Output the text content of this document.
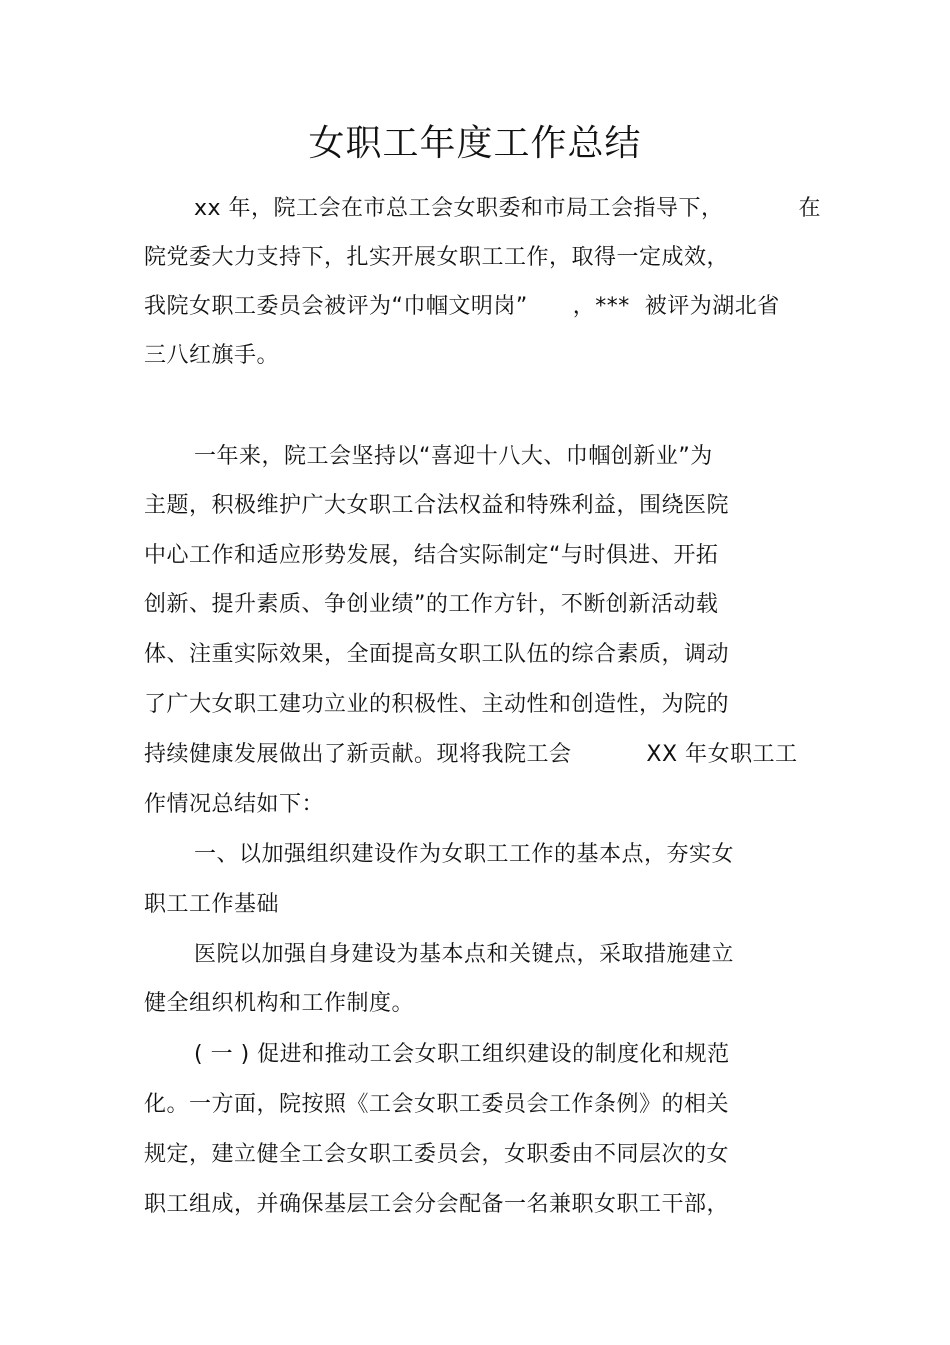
女职工年度工作总结
xx 年，院工会在市总工会女职委和市局工会指导下，          在
院党委大力支持下，扎实开展女职工工作，取得一定成效，
我院女职工委员会被评为“巾帼文明岗”      ，***  被评为湖北省
三八红旗手。
一年来，院工会坚持以“喜迎十八大、巾帼创新业”为
主题，积极维护广大女职工合法权益和特殊利益，围绕医院
中心工作和适应形势发展，结合实际制定“与时俱进、开拓
创新、提升素质、争创业绩”的工作方针，不断创新活动载
体、注重实际效果，全面提高女职工队伍的综合素质，调动
了广大女职工建功立业的积极性、主动性和创造性，为院的
持续健康发展做出了新贡献。现将我院工会          XX 年女职工工
作情况总结如下：
一、以加强组织建设作为女职工工作的基本点，夯实女
职工工作基础
医院以加强自身建设为基本点和关键点，采取措施建立
健全组织机构和工作制度。
( 一 ) 促进和推动工会女职工组织建设的制度化和规范
化。一方面，院按照《工会女职工委员会工作条例》的相关
规定，建立健全工会女职工委员会，女职委由不同层次的女
职工组成，并确保基层工会分会配备一名兼职女职工干部，
